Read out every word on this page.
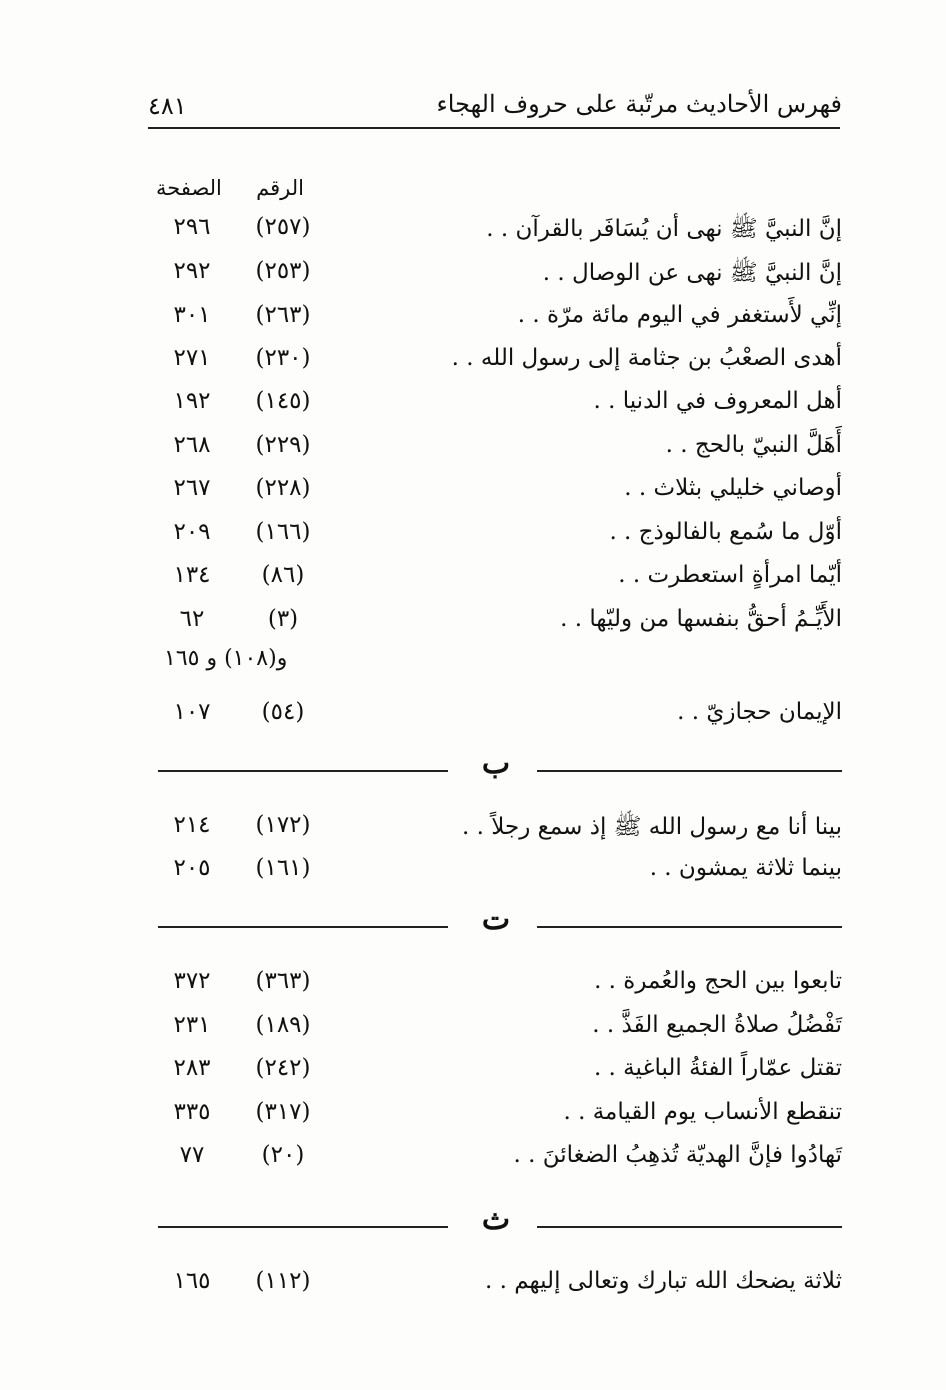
٤٨١	فهرس الأحاديث مرتّبة على حروف الهجاء
الصفحة الرقم
إنَّ النبيَّ ﷺ نهى أن يُسَافَر بالقرآن . .
(٢٥٧)
٢٩٦
إنَّ النبيَّ ﷺ نهى عن الوصال . .
(٢٥٣)
٢٩٢
إنِّي لأَستغفر في اليوم مائة مرّة . .
(٢٦٣)
٣٠١
أهدى الصعْبُ بن جثامة إلى رسول الله . .
(٢٣٠)
٢٧١
أهل المعروف في الدنيا . .
(١٤٥)
١٩٢
أَهَلَّ النبيّ بالحج . .
(٢٢٩)
٢٦٨
أوصاني خليلي بثلاث . .
(٢٢٨)
٢٦٧
أوّل ما سُمع بالفالوذج . .
(١٦٦)
٢٠٩
أيّما امرأةٍ استعطرت . .
(٨٦)
١٣٤
الأَيِّـمُ أحقُّ بنفسها من وليّها . .
(٣)
٦٢
و(١٠٨) و ١٦٥
الإيمان حجازيّ . .
(٥٤)
١٠٧
ب
بينا أنا مع رسول الله ﷺ إذ سمع رجلاً . .
(١٧٢)
٢١٤
بينما ثلاثة يمشون . .
(١٦١)
٢٠٥
ت
تابعوا بين الحج والعُمرة . .
(٣٦٣)
٣٧٢
تَفْضُلُ صلاةُ الجميع الفَذَّ . .
(١٨٩)
٢٣١
تقتل عمّاراً الفئةُ الباغية . .
(٢٤٢)
٢٨٣
تنقطع الأنساب يوم القيامة . .
(٣١٧)
٣٣٥
تَهادُوا فإنَّ الهديّة تُذهِبُ الضغائنَ . .
(٢٠)
٧٧
ث
ثلاثة يضحك الله تبارك وتعالى إليهم . .
(١١٢)
١٦٥
